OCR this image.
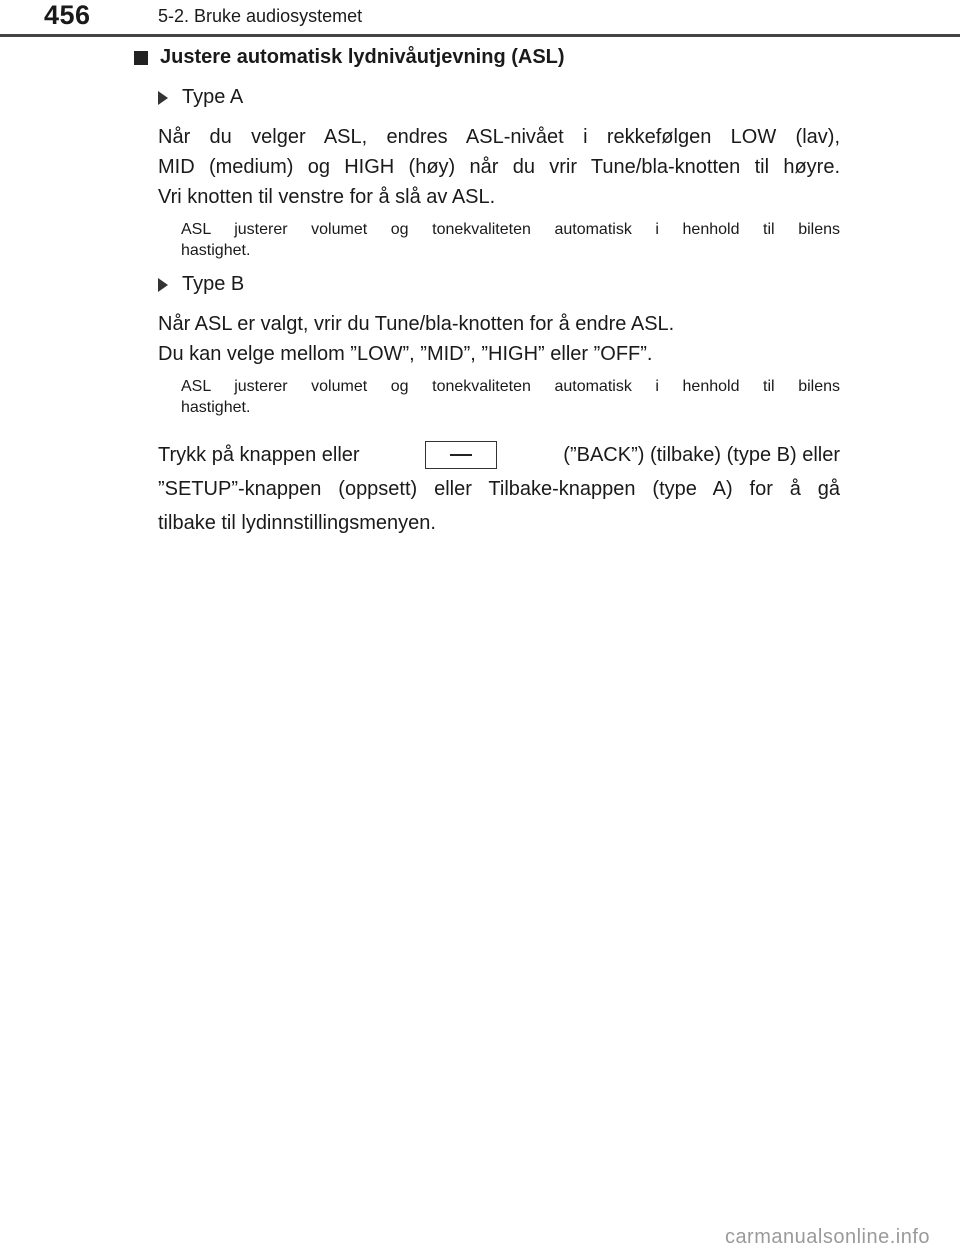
456	5-2. Bruke audiosystemet
Justere automatisk lydnivåutjevning (ASL)
Type A
Når du velger ASL, endres ASL-nivået i rekkefølgen LOW (lav),
MID (medium) og HIGH (høy) når du vrir Tune/bla-knotten til høyre.
Vri knotten til venstre for å slå av ASL.
ASL justerer volumet og tonekvaliteten automatisk i henhold til bilens
hastighet.
Type B
Når ASL er valgt, vrir du Tune/bla-knotten for å endre ASL.
Du kan velge mellom ”LOW”, ”MID”, ”HIGH” eller ”OFF”.
ASL justerer volumet og tonekvaliteten automatisk i henhold til bilens
hastighet.
Trykk på knappen eller	(”BACK”) (tilbake) (type B) eller
”SETUP”-knappen (oppsett) eller Tilbake-knappen (type A) for å gå
tilbake til lydinnstillingsmenyen.
carmanualsonline.info
